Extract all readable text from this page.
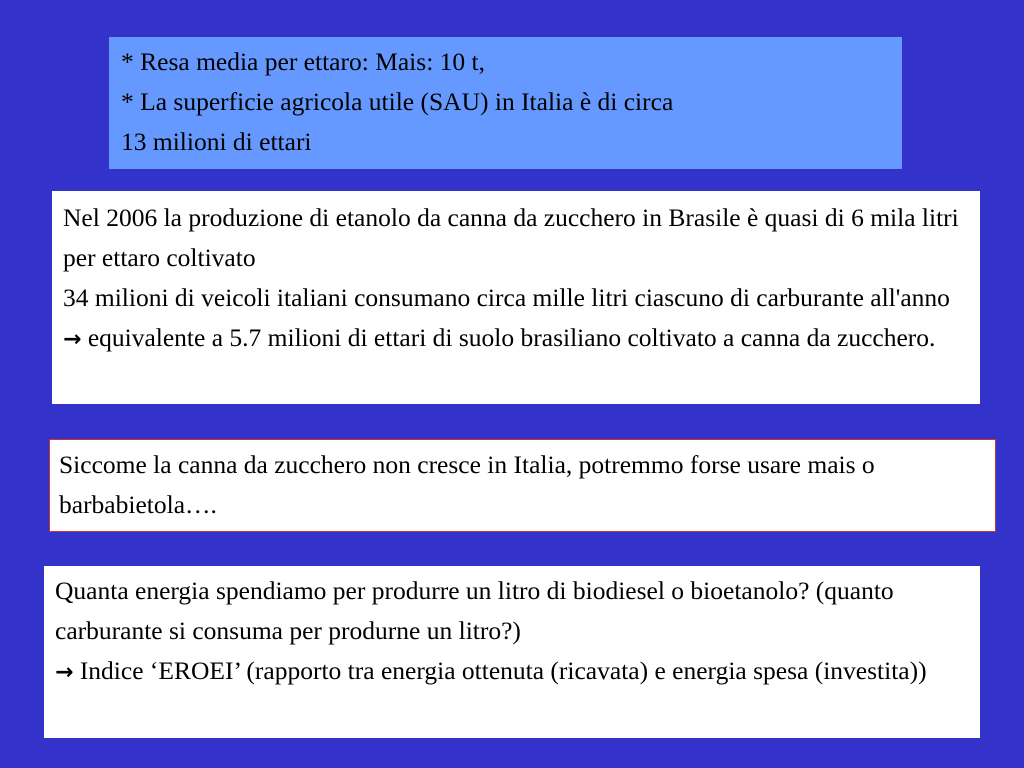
* Resa media per ettaro: Mais: 10 t,

* La superficie agricola utile (SAU) in Italia è di circa

13 milioni di ettari

Nel 2006 la produzione di etanolo da canna da zucchero in Brasile è quasi di 6 mila litri per ettaro coltivato

34 milioni di veicoli italiani consumano circa mille litri ciascuno di carburante all'anno → equivalente a 5.7 milioni di ettari di suolo brasiliano coltivato a canna da zucchero.

Siccome la canna da zucchero non cresce in Italia, potremmo forse usare mais o barbabietola….

Quanta energia spendiamo per produrre un litro di biodiesel o bioetanolo? (quanto carburante si consuma per produrne un litro?)

→ Indice ‘EROEI’ (rapporto tra energia ottenuta (ricavata) e energia spesa (investita))
